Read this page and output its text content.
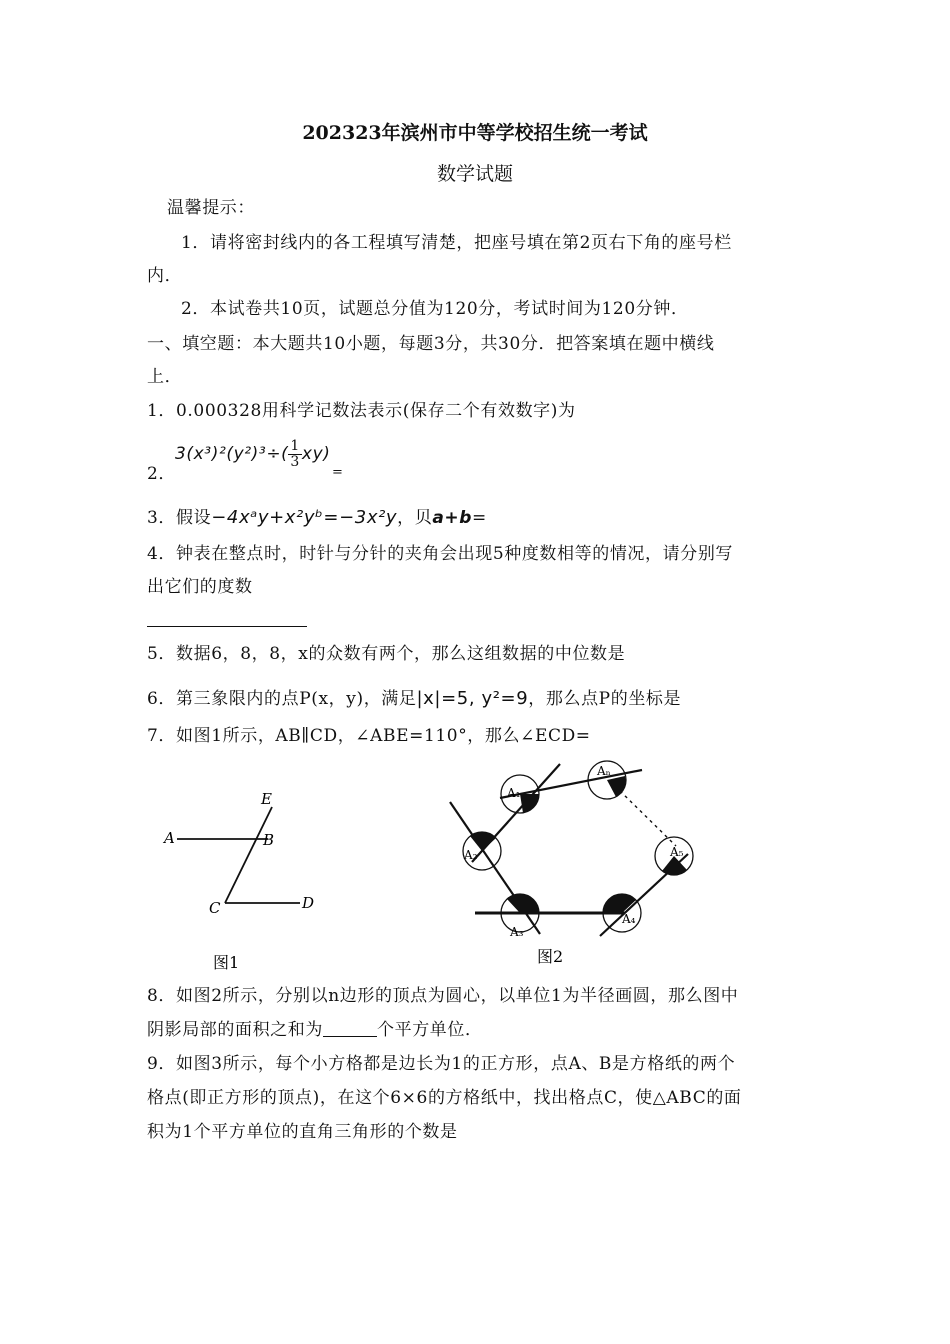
202323年滨州市中等学校招生统一考试
数学试题
温馨提示：
1．请将密封线内的各工程填写清楚，把座号填在第2页右下角的座号栏
内．
2．本试卷共10页，试题总分值为120分，考试时间为120分钟．
一、填空题：本大题共10小题，每题3分，共30分．把答案填在题中横线
上．
1．0.000328用科学记数法表示(保存二个有效数字)为
2．
$3(x^3)^2(y^2)^3\div( \frac{1}{3} xy)$
=
3．假设−4xᵃy+x²yᵇ=−3x²y，贝a+b=
4．钟表在整点时，时针与分针的夹角会出现5种度数相等的情况，请分别写
出它们的度数
5．数据6，8，8，x的众数有两个，那么这组数据的中位数是
6．第三象限内的点P(x，y)，满足|x|=5, y²=9，那么点P的坐标是
7．如图1所示，AB∥CD，∠ABE=110°，那么∠ECD=
E
A	B
C	D
图1
A₁
A₂
A₃
A₄
A₅
Aₙ
图2
8．如图2所示，分别以n边形的顶点为圆心，以单位1为半径画圆，那么图中
阴影局部的面积之和为	个平方单位．
9．如图3所示，每个小方格都是边长为1的正方形，点A、B是方格纸的两个
格点(即正方形的顶点)，在这个6×6的方格纸中，找出格点C，使△ABC的面
积为1个平方单位的直角三角形的个数是
